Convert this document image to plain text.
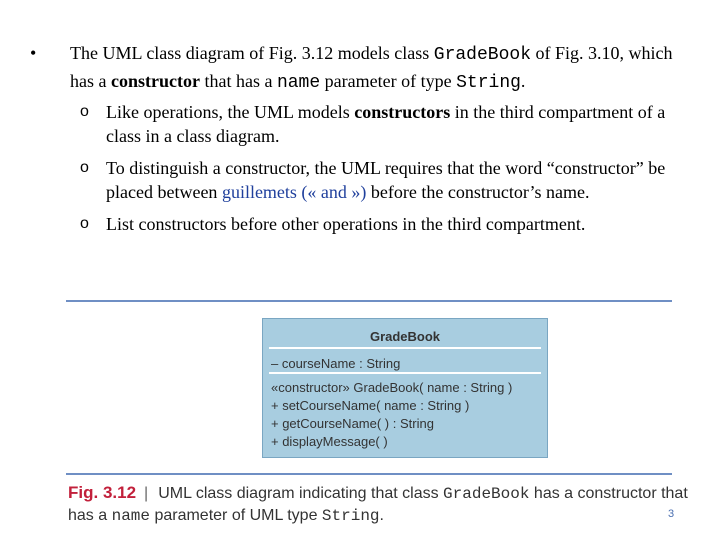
• The UML class diagram of Fig. 3.12 models class GradeBook of Fig. 3.10, which has a constructor that has a name parameter of type String.
o Like operations, the UML models constructors in the third compartment of a class in a class diagram.
o To distinguish a constructor, the UML requires that the word “constructor” be placed between guillemets (« and ») before the constructor’s name.
o List constructors before other operations in the third compartment.
GradeBook
– courseName : String
«constructor» GradeBook( name : String )
+ setCourseName( name : String )
+ getCourseName( ) : String
+ displayMessage( )
Fig. 3.12 | UML class diagram indicating that class GradeBook has a constructor that has a name parameter of UML type String.	3
